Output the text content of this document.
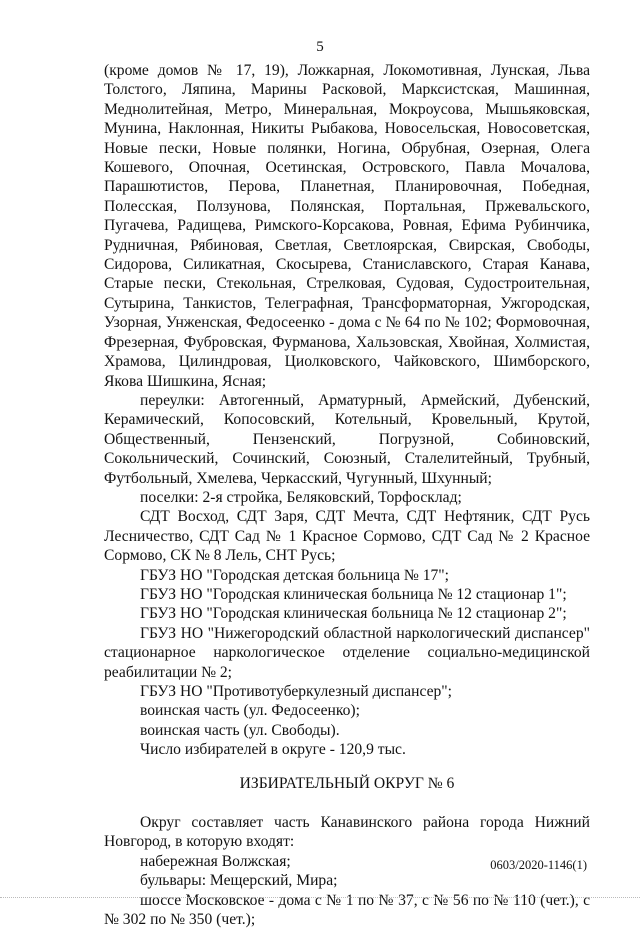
5

(кроме домов № 17, 19), Ложкарная, Локомотивная, Лунская, Льва Толстого, Ляпина, Марины Расковой, Марксистская, Машинная, Меднолитейная, Метро, Минеральная, Мокроусова, Мышьяковская, Мунина, Наклонная, Никиты Рыбакова, Новосельская, Новосоветская, Новые пески, Новые полянки, Ногина, Обрубная, Озерная, Олега Кошевого, Опочная, Осетинская, Островского, Павла Мочалова, Парашютистов, Перова, Планетная, Планировочная, Победная, Полесская, Ползунова, Полянская, Портальная, Пржевальского, Пугачева, Радищева, Римского-Корсакова, Ровная, Ефима Рубинчика, Рудничная, Рябиновая, Светлая, Светлоярская, Свирская, Свободы, Сидорова, Силикатная, Скосырева, Станиславского, Старая Канава, Старые пески, Стекольная, Стрелковая, Судовая, Судостроительная, Сутырина, Танкистов, Телеграфная, Трансформаторная, Ужгородская, Узорная, Унженская, Федосеенко - дома с № 64 по № 102; Формовочная, Фрезерная, Фубровская, Фурманова, Хальзовская, Хвойная, Холмистая, Храмова, Цилиндровая, Циолковского, Чайковского, Шимборского, Якова Шишкина, Ясная;

переулки: Автогенный, Арматурный, Армейский, Дубенский, Керамический, Копосовский, Котельный, Кровельный, Крутой, Общественный, Пензенский, Погрузной, Собиновский, Сокольнический, Сочинский, Союзный, Сталелитейный, Трубный, Футбольный, Хмелева, Черкасский, Чугунный, Шхунный;

поселки: 2-я стройка, Беляковский, Торфосклад;

СДТ Восход, СДТ Заря, СДТ Мечта, СДТ Нефтяник, СДТ Русь Лесничество, СДТ Сад № 1 Красное Сормово, СДТ Сад № 2 Красное Сормово, СК № 8 Лель, СНТ Русь;

ГБУЗ НО "Городская детская больница № 17";

ГБУЗ НО "Городская клиническая больница № 12 стационар 1";

ГБУЗ НО "Городская клиническая больница № 12 стационар 2";

ГБУЗ НО "Нижегородский областной наркологический диспансер" стационарное наркологическое отделение социально-медицинской реабилитации № 2;

ГБУЗ НО "Противотуберкулезный диспансер";

воинская часть (ул. Федосеенко);

воинская часть (ул. Свободы).

Число избирателей в округе - 120,9 тыс.

ИЗБИРАТЕЛЬНЫЙ ОКРУГ № 6

Округ составляет часть Канавинского района города Нижний Новгород, в которую входят:

набережная Волжская;

бульвары: Мещерский, Мира;

шоссе Московское - дома с № 1 по № 37, с № 56 по № 110 (чет.), с № 302 по № 350 (чет.);

0603/2020-1146(1)
